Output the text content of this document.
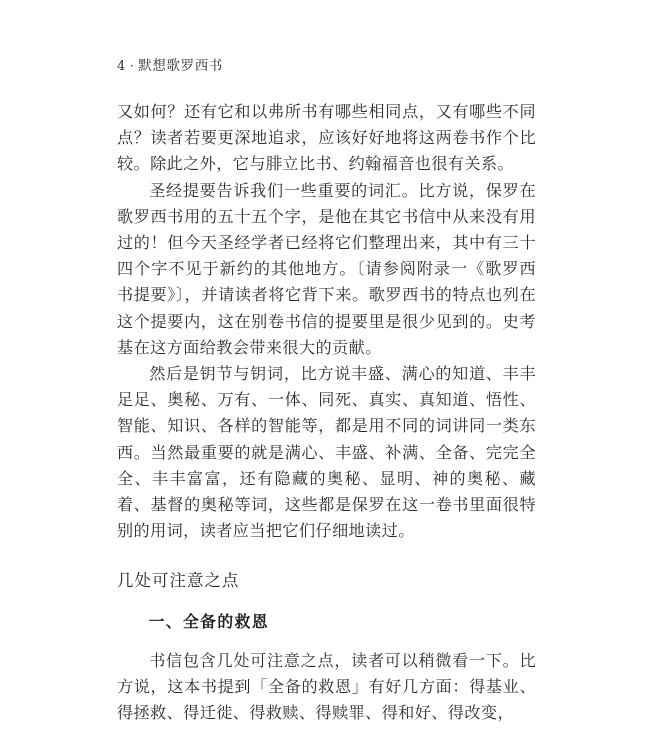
4 · 默想歌罗西书

又如何？还有它和以弗所书有哪些相同点，又有哪些不同点？读者若要更深地追求，应该好好地将这两卷书作个比较。除此之外，它与腓立比书、约翰福音也很有关系。

圣经提要告诉我们一些重要的词汇。比方说，保罗在歌罗西书用的五十五个字，是他在其它书信中从来没有用过的！但今天圣经学者已经将它们整理出来，其中有三十四个字不见于新约的其他地方。〔请参阅附录一《歌罗西书提要》〕，并请读者将它背下来。歌罗西书的特点也列在这个提要内，这在别卷书信的提要里是很少见到的。史考基在这方面给教会带来很大的贡献。

然后是钥节与钥词，比方说丰盛、满心的知道、丰丰足足、奥秘、万有、一体、同死、真实、真知道、悟性、智能、知识、各样的智能等，都是用不同的词讲同一类东西。当然最重要的就是满心、丰盛、补满、全备、完完全全、丰丰富富，还有隐藏的奥秘、显明、神的奥秘、藏着、基督的奥秘等词，这些都是保罗在这一卷书里面很特别的用词，读者应当把它们仔细地读过。

几处可注意之点
一、全备的救恩

书信包含几处可注意之点，读者可以稍微看一下。比方说，这本书提到「全备的救恩」有好几方面：得基业、得拯救、得迁徙、得救赎、得赎罪、得和好、得改变，
